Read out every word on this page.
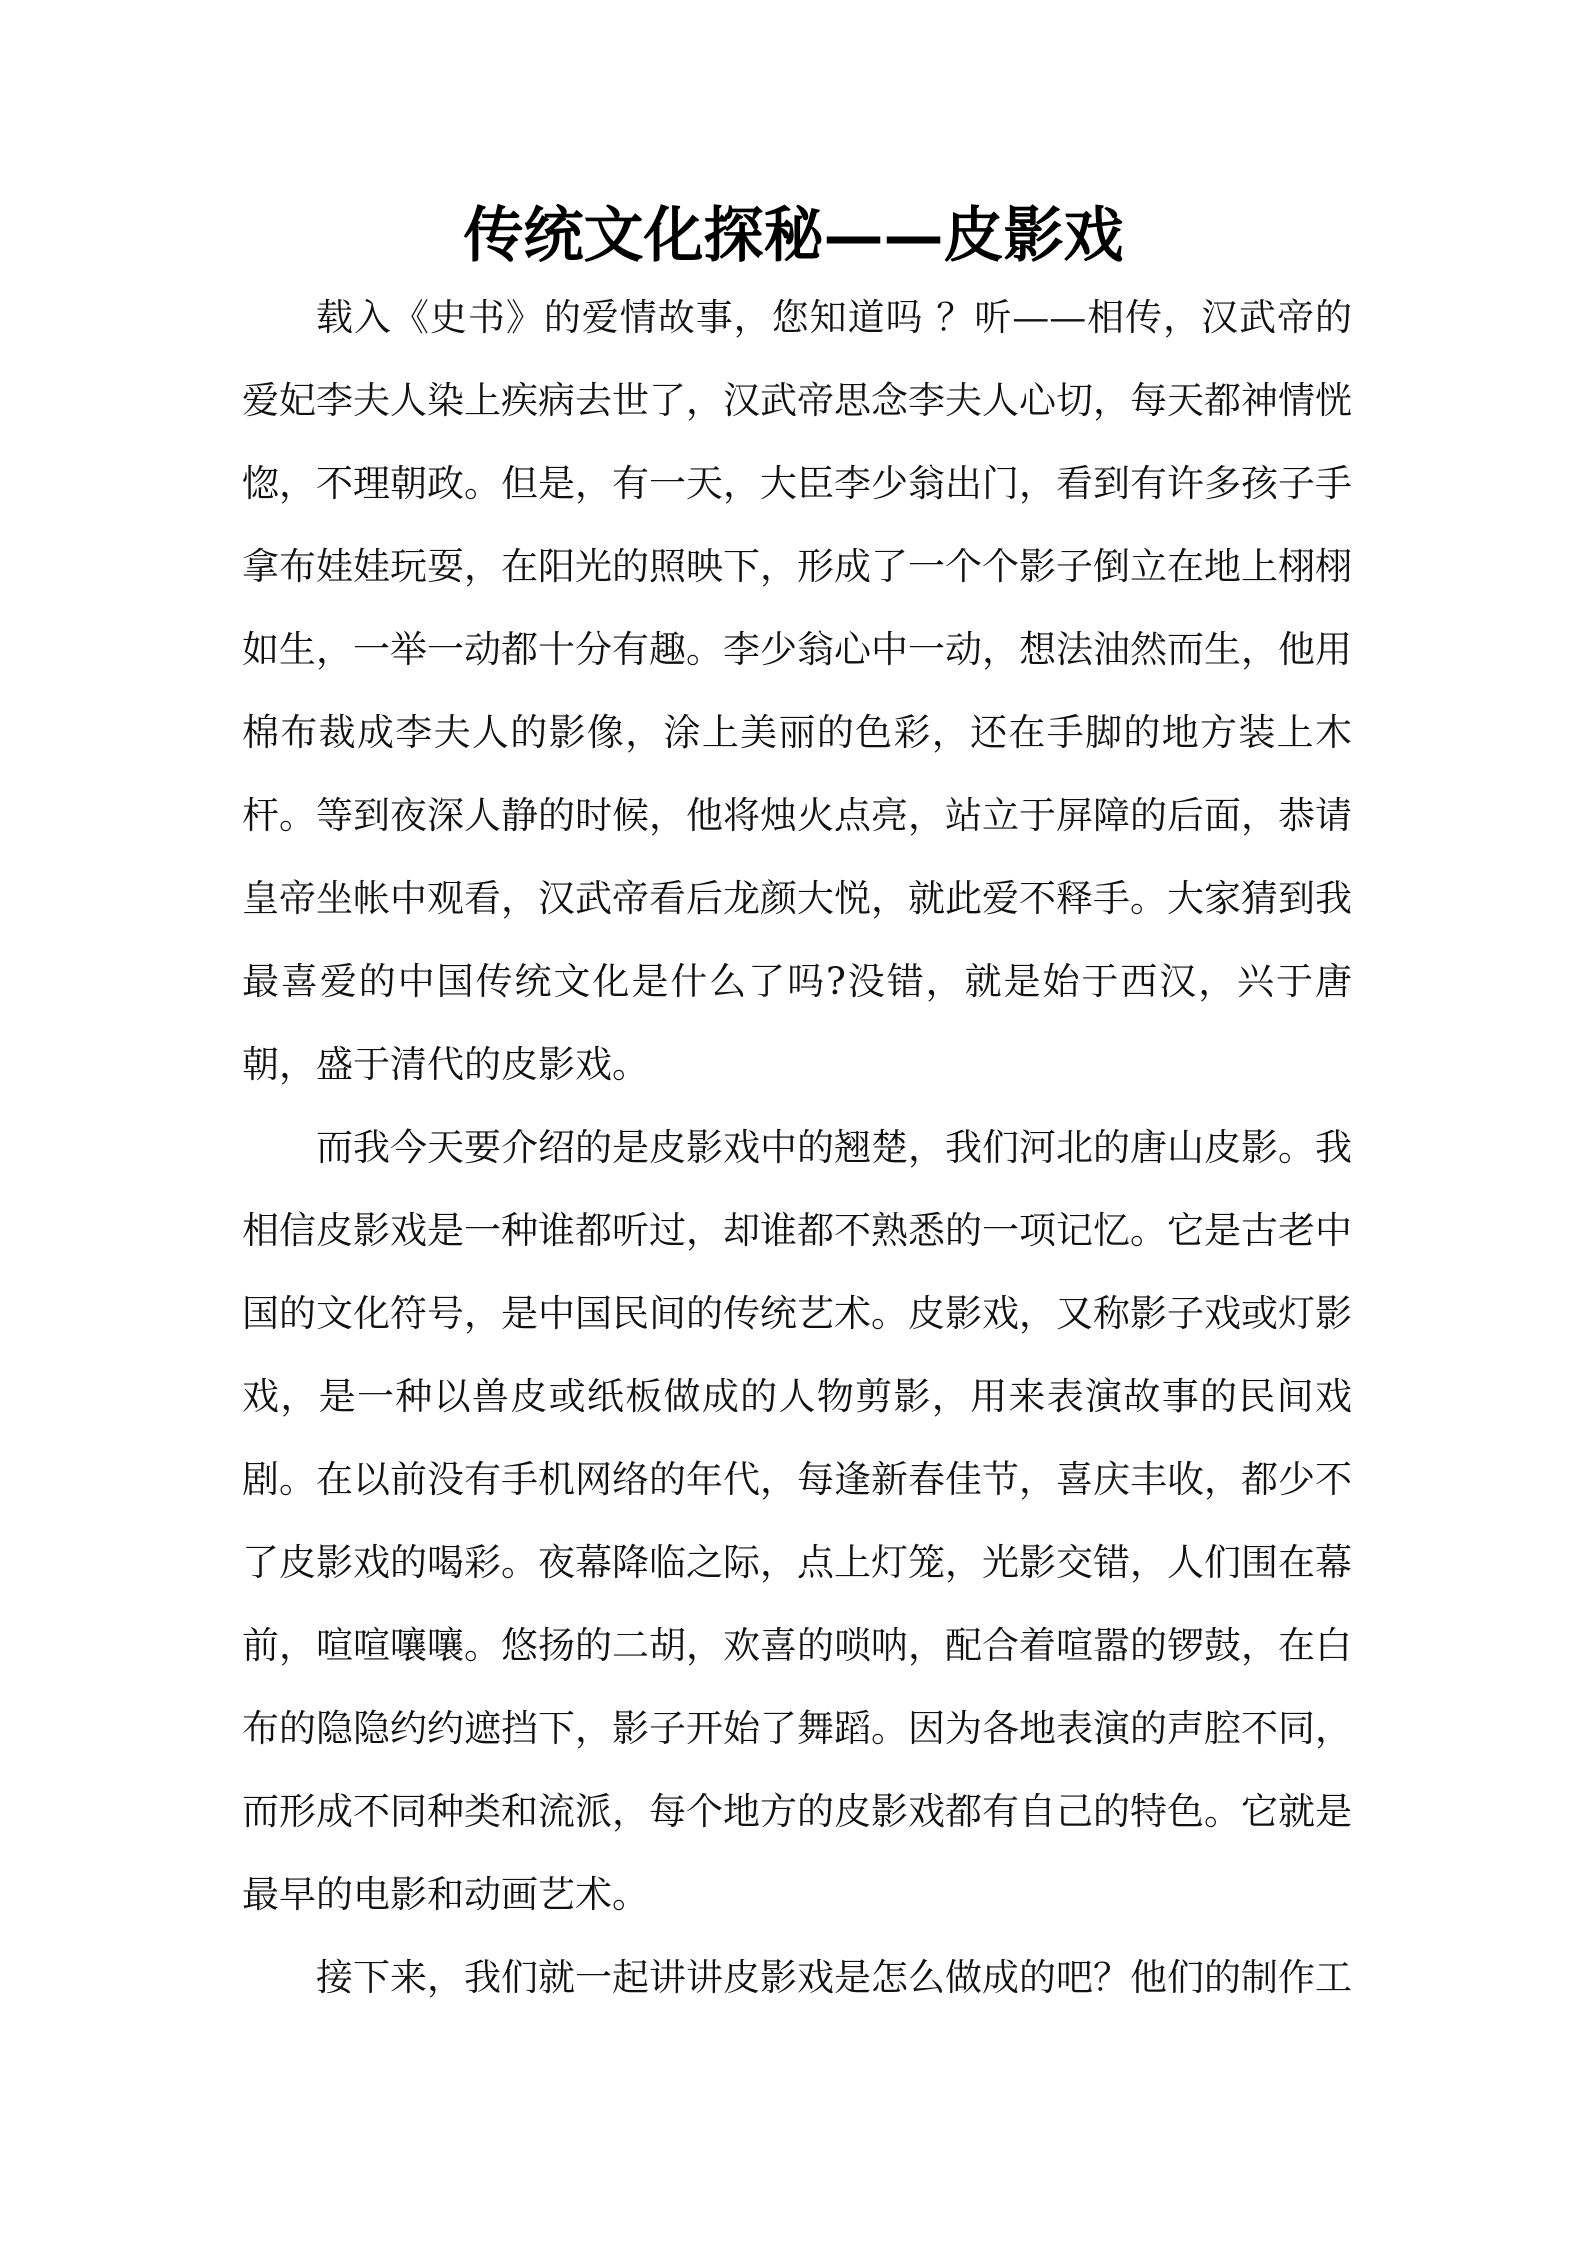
传统文化探秘——皮影戏

载入《史书》的爱情故事，您知道吗 ？听——相传，汉武帝的爱妃李夫人染上疾病去世了，汉武帝思念李夫人心切，每天都神情恍惚，不理朝政。但是，有一天，大臣李少翁出门，看到有许多孩子手拿布娃娃玩耍，在阳光的照映下，形成了一个个影子倒立在地上栩栩如生，一举一动都十分有趣。李少翁心中一动，想法油然而生，他用棉布裁成李夫人的影像，涂上美丽的色彩，还在手脚的地方装上木杆。等到夜深人静的时候，他将烛火点亮，站立于屏障的后面，恭请皇帝坐帐中观看，汉武帝看后龙颜大悦，就此爱不释手。大家猜到我最喜爱的中国传统文化是什么了吗?没错，就是始于西汉，兴于唐朝，盛于清代的皮影戏。

而我今天要介绍的是皮影戏中的翘楚，我们河北的唐山皮影。我相信皮影戏是一种谁都听过，却谁都不熟悉的一项记忆。它是古老中国的文化符号，是中国民间的传统艺术。皮影戏，又称影子戏或灯影戏，是一种以兽皮或纸板做成的人物剪影，用来表演故事的民间戏剧。在以前没有手机网络的年代，每逢新春佳节，喜庆丰收，都少不了皮影戏的喝彩。夜幕降临之际，点上灯笼，光影交错，人们围在幕前，喧喧嚷嚷。悠扬的二胡，欢喜的唢呐，配合着喧嚣的锣鼓，在白布的隐隐约约遮挡下，影子开始了舞蹈。因为各地表演的声腔不同，而形成不同种类和流派，每个地方的皮影戏都有自己的特色。它就是最早的电影和动画艺术。

接下来，我们就一起讲讲皮影戏是怎么做成的吧？他们的制作工
